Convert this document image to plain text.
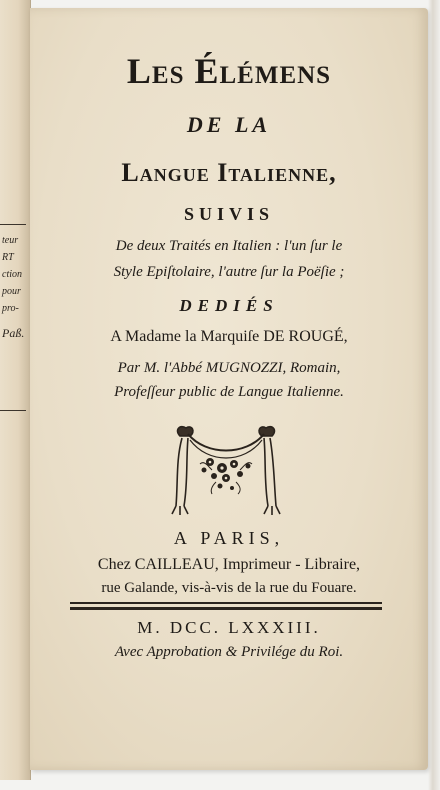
teur
RT
ction
pour
pro-
Paß.
Les Élémens
DE LA
Langue Italienne,
SUIVIS
De deux Traités en Italien : l'un ſur le
Style Epiſtolaire, l'autre ſur la Poëſie ;
DEDIÉS
A Madame la Marquiſe DE ROUGÉ,
Par M. l'Abbé MUGNOZZI, Romain,
Profeſſeur public de Langue Italienne.
A PARIS,
Chez CAILLEAU, Imprimeur - Libraire,
rue Galande, vis-à-vis de la rue du Fouare.
M. DCC. LXXXIII.
Avec Approbation & Privilége du Roi.
